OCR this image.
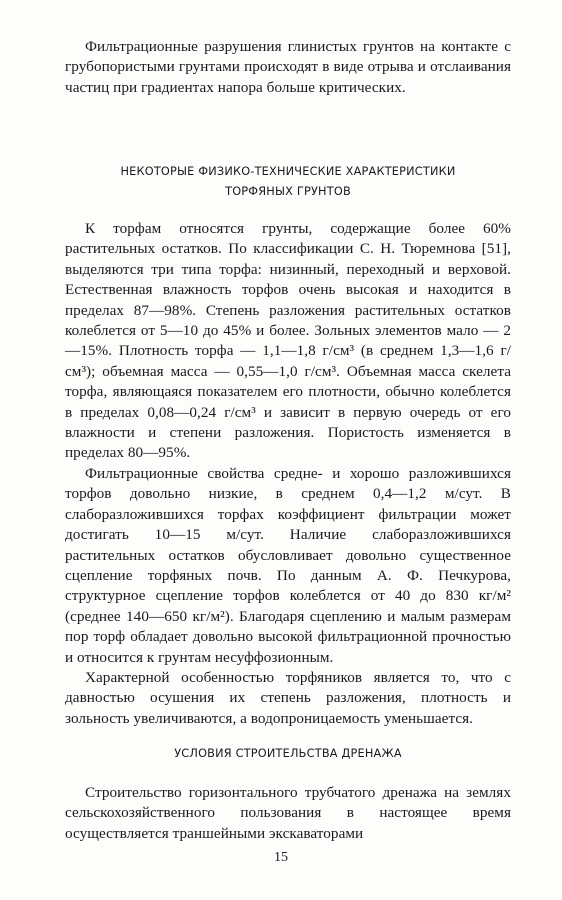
Фильтрационные разрушения глинистых грунтов на контакте с грубопористыми грунтами происходят в виде отрыва и отслаивания частиц при градиентах напора больше критических.

НЕКОТОРЫЕ ФИЗИКО-ТЕХНИЧЕСКИЕ ХАРАКТЕРИСТИКИ
ТОРФЯНЫХ ГРУНТОВ

К торфам относятся грунты, содержащие более 60% растительных остатков. По классификации С. Н. Тюремнова [51], выделяются три типа торфа: низинный, переходный и верховой. Естественная влажность торфов очень высокая и находится в пределах 87—98%. Степень разложения растительных остатков колеблется от 5—10 до 45% и более. Зольных элементов мало — 2—15%. Плотность торфа — 1,1—1,8 г/см³ (в среднем 1,3—1,6 г/см³); объемная масса — 0,55—1,0 г/см³. Объемная масса скелета торфа, являющаяся показателем его плотности, обычно колеблется в пределах 0,08—0,24 г/см³ и зависит в первую очередь от его влажности и степени разложения. Пористость изменяется в пределах 80—95%.

Фильтрационные свойства средне- и хорошо разложившихся торфов довольно низкие, в среднем 0,4—1,2 м/сут. В слаборазложившихся торфах коэффициент фильтрации может достигать 10—15 м/сут. Наличие слаборазложившихся растительных остатков обусловливает довольно существенное сцепление торфяных почв. По данным А. Ф. Печкурова, структурное сцепление торфов колеблется от 40 до 830 кг/м² (среднее 140—650 кг/м²). Благодаря сцеплению и малым размерам пор торф обладает довольно высокой фильтрационной прочностью и относится к грунтам несуффозионным.

Характерной особенностью торфяников является то, что с давностью осушения их степень разложения, плотность и зольность увеличиваются, а водопроницаемость уменьшается.

УСЛОВИЯ СТРОИТЕЛЬСТВА ДРЕНАЖА

Строительство горизонтального трубчатого дренажа на землях сельскохозяйственного пользования в настоящее время осуществляется траншейными экскаваторами

15
